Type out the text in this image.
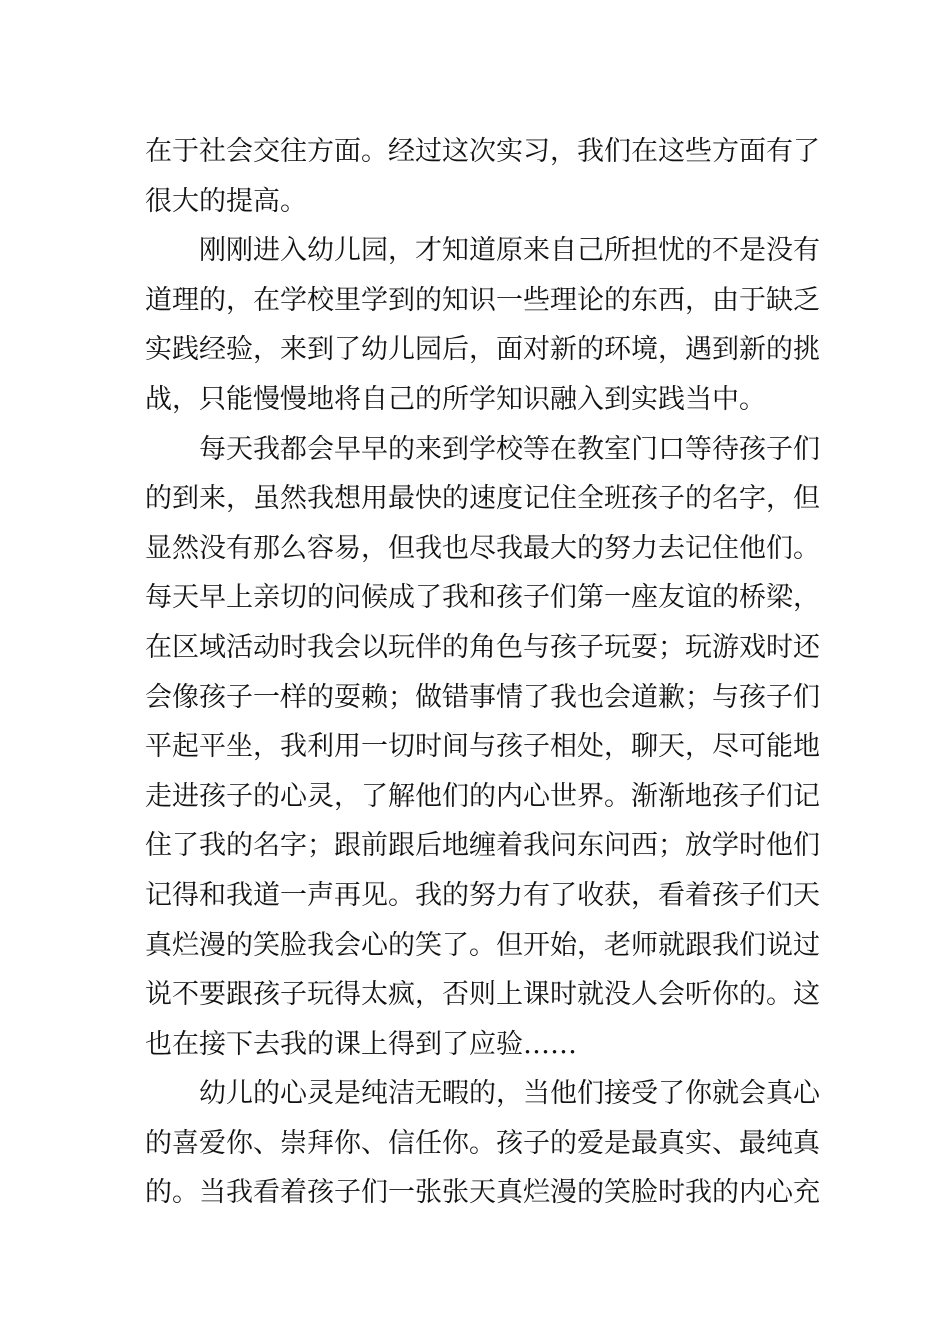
在于社会交往方面。经过这次实习，我们在这些方面有了
很大的提高。
刚刚进入幼儿园，才知道原来自己所担忧的不是没有
道理的，在学校里学到的知识一些理论的东西，由于缺乏
实践经验，来到了幼儿园后，面对新的环境，遇到新的挑
战，只能慢慢地将自己的所学知识融入到实践当中。
每天我都会早早的来到学校等在教室门口等待孩子们
的到来，虽然我想用最快的速度记住全班孩子的名字，但
显然没有那么容易，但我也尽我最大的努力去记住他们。
每天早上亲切的问候成了我和孩子们第一座友谊的桥梁，
在区域活动时我会以玩伴的角色与孩子玩耍；玩游戏时还
会像孩子一样的耍赖；做错事情了我也会道歉；与孩子们
平起平坐，我利用一切时间与孩子相处，聊天，尽可能地
走进孩子的心灵，了解他们的内心世界。渐渐地孩子们记
住了我的名字；跟前跟后地缠着我问东问西；放学时他们
记得和我道一声再见。我的努力有了收获，看着孩子们天
真烂漫的笑脸我会心的笑了。但开始，老师就跟我们说过
说不要跟孩子玩得太疯，否则上课时就没人会听你的。这
也在接下去我的课上得到了应验……
幼儿的心灵是纯洁无暇的，当他们接受了你就会真心
的喜爱你、崇拜你、信任你。孩子的爱是最真实、最纯真
的。当我看着孩子们一张张天真烂漫的笑脸时我的内心充
